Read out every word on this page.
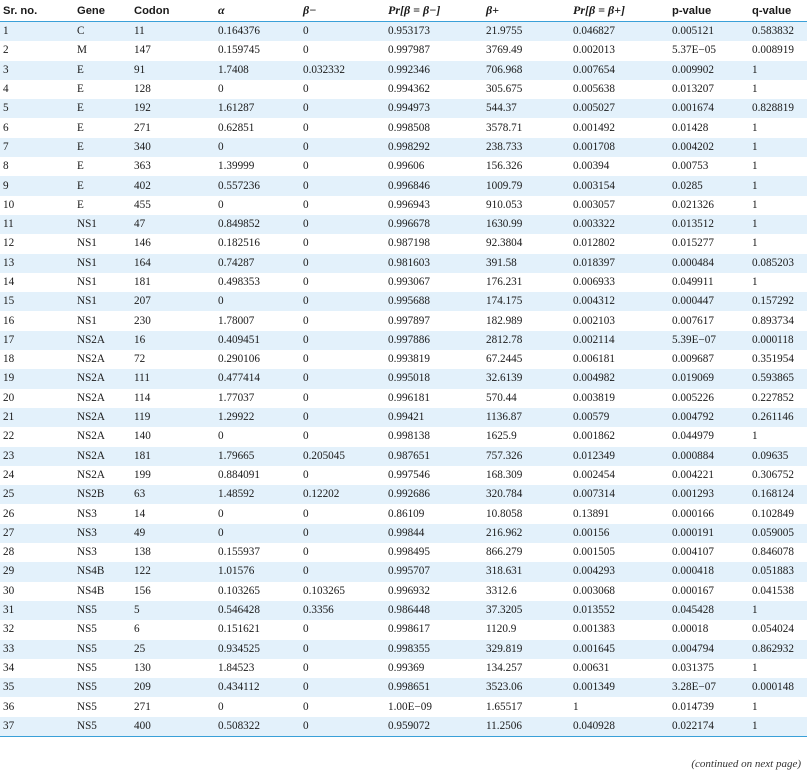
Sr. no.	Gene	Codon	α	β−	Pr[β = β−]	β+	Pr[β = β+]	p-value	q-value
1	C	11	0.164376	0	0.953173	21.9755	0.046827	0.005121	0.583832
2	M	147	0.159745	0	0.997987	3769.49	0.002013	5.37E−05	0.008919
3	E	91	1.7408	0.032332	0.992346	706.968	0.007654	0.009902	1
4	E	128	0	0	0.994362	305.675	0.005638	0.013207	1
5	E	192	1.61287	0	0.994973	544.37	0.005027	0.001674	0.828819
6	E	271	0.62851	0	0.998508	3578.71	0.001492	0.01428	1
7	E	340	0	0	0.998292	238.733	0.001708	0.004202	1
8	E	363	1.39999	0	0.99606	156.326	0.00394	0.00753	1
9	E	402	0.557236	0	0.996846	1009.79	0.003154	0.0285	1
10	E	455	0	0	0.996943	910.053	0.003057	0.021326	1
11	NS1	47	0.849852	0	0.996678	1630.99	0.003322	0.013512	1
12	NS1	146	0.182516	0	0.987198	92.3804	0.012802	0.015277	1
13	NS1	164	0.74287	0	0.981603	391.58	0.018397	0.000484	0.085203
14	NS1	181	0.498353	0	0.993067	176.231	0.006933	0.049911	1
15	NS1	207	0	0	0.995688	174.175	0.004312	0.000447	0.157292
16	NS1	230	1.78007	0	0.997897	182.989	0.002103	0.007617	0.893734
17	NS2A	16	0.409451	0	0.997886	2812.78	0.002114	5.39E−07	0.000118
18	NS2A	72	0.290106	0	0.993819	67.2445	0.006181	0.009687	0.351954
19	NS2A	111	0.477414	0	0.995018	32.6139	0.004982	0.019069	0.593865
20	NS2A	114	1.77037	0	0.996181	570.44	0.003819	0.005226	0.227852
21	NS2A	119	1.29922	0	0.99421	1136.87	0.00579	0.004792	0.261146
22	NS2A	140	0	0	0.998138	1625.9	0.001862	0.044979	1
23	NS2A	181	1.79665	0.205045	0.987651	757.326	0.012349	0.000884	0.09635
24	NS2A	199	0.884091	0	0.997546	168.309	0.002454	0.004221	0.306752
25	NS2B	63	1.48592	0.12202	0.992686	320.784	0.007314	0.001293	0.168124
26	NS3	14	0	0	0.86109	10.8058	0.13891	0.000166	0.102849
27	NS3	49	0	0	0.99844	216.962	0.00156	0.000191	0.059005
28	NS3	138	0.155937	0	0.998495	866.279	0.001505	0.004107	0.846078
29	NS4B	122	1.01576	0	0.995707	318.631	0.004293	0.000418	0.051883
30	NS4B	156	0.103265	0.103265	0.996932	3312.6	0.003068	0.000167	0.041538
31	NS5	5	0.546428	0.3356	0.986448	37.3205	0.013552	0.045428	1
32	NS5	6	0.151621	0	0.998617	1120.9	0.001383	0.00018	0.054024
33	NS5	25	0.934525	0	0.998355	329.819	0.001645	0.004794	0.862932
34	NS5	130	1.84523	0	0.99369	134.257	0.00631	0.031375	1
35	NS5	209	0.434112	0	0.998651	3523.06	0.001349	3.28E−07	0.000148
36	NS5	271	0	0	1.00E−09	1.65517	1	0.014739	1
37	NS5	400	0.508322	0	0.959072	11.2506	0.040928	0.022174	1
(continued on next page)
